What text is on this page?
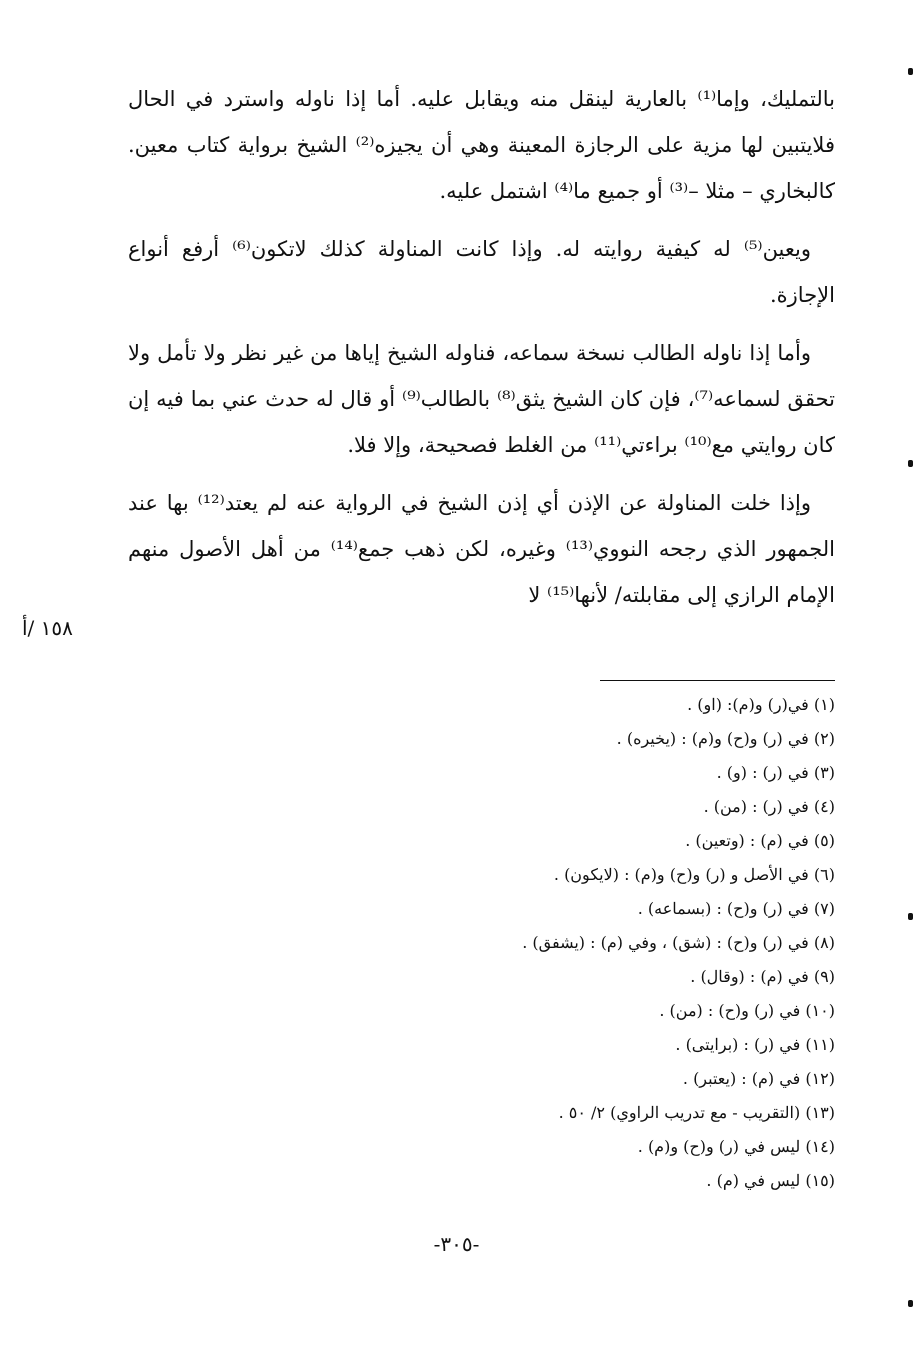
بالتمليك، وإما⁽¹⁾ بالعارية لينقل منه ويقابل عليه. أما إذا ناوله واسترد في الحال فلايتبين لها مزية على الرجازة المعينة وهي أن يجيزه⁽²⁾ الشيخ برواية كتاب معين. كالبخاري – مثلا –⁽³⁾ أو جميع ما⁽⁴⁾ اشتمل عليه.

ويعين⁽⁵⁾ له كيفية روايته له. وإذا كانت المناولة كذلك لاتكون⁽⁶⁾ أرفع أنواع الإجازة.

وأما إذا ناوله الطالب نسخة سماعه، فناوله الشيخ إياها من غير نظر ولا تأمل ولا تحقق لسماعه⁽⁷⁾، فإن كان الشيخ يثق⁽⁸⁾ بالطالب⁽⁹⁾ أو قال له حدث عني بما فيه إن كان روايتي مع⁽¹⁰⁾ براءتي⁽¹¹⁾ من الغلط فصحيحة، وإلا فلا.

وإذا خلت المناولة عن الإذن أي إذن الشيخ في الرواية عنه لم يعتد⁽¹²⁾ بها عند الجمهور الذي رجحه النووي⁽¹³⁾ وغيره، لكن ذهب جمع⁽¹⁴⁾ من أهل الأصول منهم الإمام الرازي إلى مقابلته/ لأنها⁽¹⁵⁾ لا

١٥٨ /أ
(١) في(ر) و(م): (او) .
(٢) في (ر) و(ح) و(م) : (يخيره) .
(٣) في (ر) : (و) .
(٤) في (ر) : (من) .
(٥) في (م) : (وتعين) .
(٦) في الأصل و (ر) و(ح) و(م) : (لايكون) .
(٧) في (ر) و(ح) : (بسماعه) .
(٨) في (ر) و(ح) : (شق) ، وفي (م) : (يشفق) .
(٩) في (م) : (وقال) .
(١٠) في (ر) و(ح) : (من) .
(١١) في (ر) : (برايتى) .
(١٢) في (م) : (يعتبر) .
(١٣) (التقريب - مع تدريب الراوي) ٢/ ٥٠ .
(١٤) ليس في (ر) و(ح) و(م) .
(١٥) ليس في (م) .
-٣٠٥-
